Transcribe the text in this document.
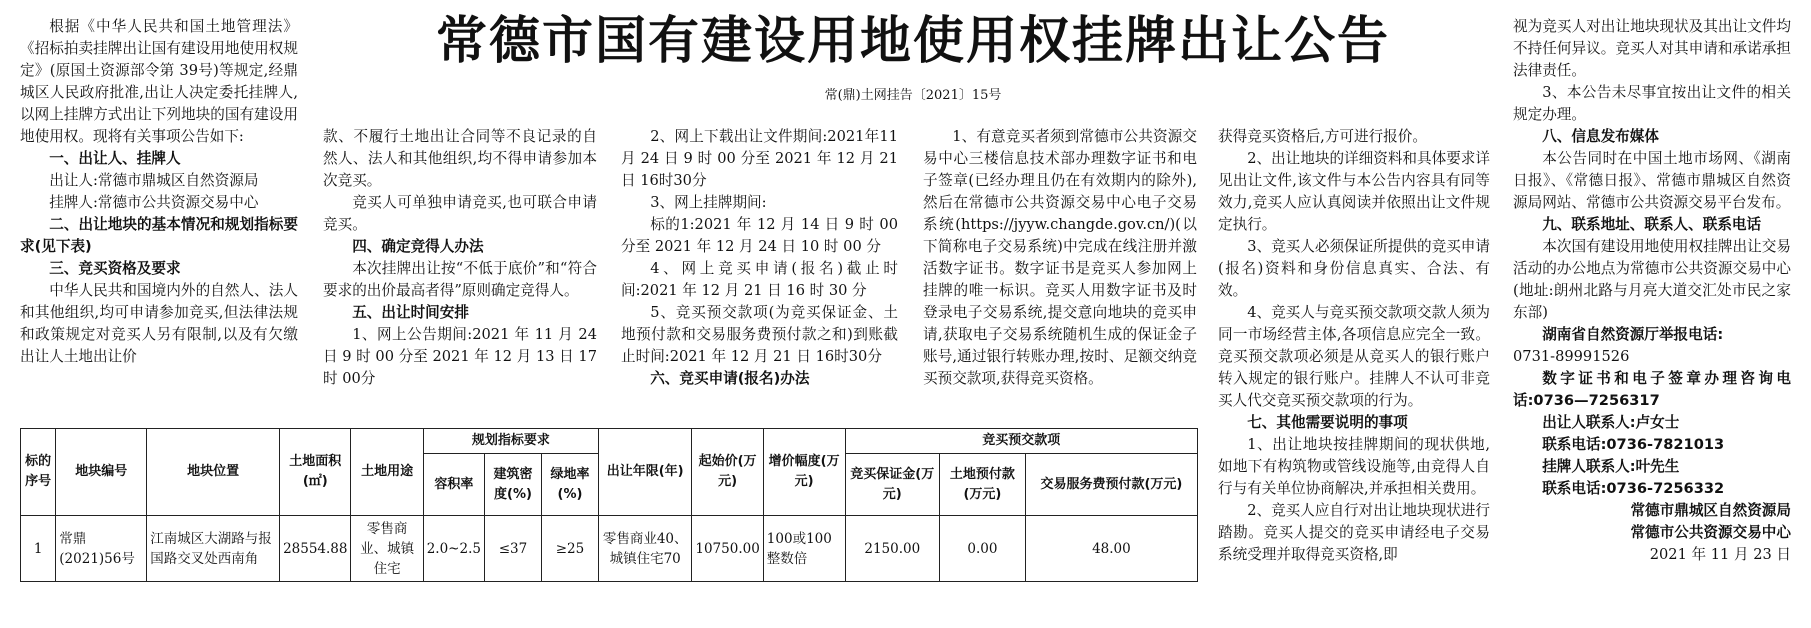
根据《中华人民共和国土地管理法》《招标拍卖挂牌出让国有建设用地使用权规定》(原国土资源部令第 39号)等规定,经鼎城区人民政府批准,出让人决定委托挂牌人,以网上挂牌方式出让下列地块的国有建设用地使用权。现将有关事项公告如下:

一、出让人、挂牌人

出让人:常德市鼎城区自然资源局

挂牌人:常德市公共资源交易中心

二、出让地块的基本情况和规划指标要求(见下表)

三、竞买资格及要求

中华人民共和国境内外的自然人、法人和其他组织,均可申请参加竞买,但法律法规和政策规定对竞买人另有限制,以及有欠缴出让人土地出让价

常德市国有建设用地使用权挂牌出让公告
常(鼎)土网挂告〔2021〕15号

款、不履行土地出让合同等不良记录的自然人、法人和其他组织,均不得申请参加本次竞买。

竞买人可单独申请竞买,也可联合申请竞买。

四、确定竞得人办法

本次挂牌出让按“不低于底价”和“符合要求的出价最高者得”原则确定竞得人。

五、出让时间安排

1、网上公告期间:2021 年 11 月 24日 9 时 00 分至 2021 年 12 月 13 日 17 时 00分

2、网上下载出让文件期间:2021年11 月 24 日 9 时 00 分至 2021 年 12 月 21日 16时30分

3、网上挂牌期间:

标的1:2021 年 12 月 14 日 9 时 00 分至 2021 年 12 月 24 日 10 时 00 分

4、网上竞买申请(报名)截止时间:2021 年 12 月 21 日 16 时 30 分

5、竞买预交款项(为竞买保证金、土地预付款和交易服务费预付款之和)到账截止时间:2021 年 12 月 21 日 16时30分

六、竞买申请(报名)办法

1、有意竞买者须到常德市公共资源交易中心三楼信息技术部办理数字证书和电子签章(已经办理且仍在有效期内的除外),然后在常德市公共资源交易中心电子交易系统(https://jyyw.changde.gov.cn/)(以下简称电子交易系统)中完成在线注册并激活数字证书。数字证书是竞买人参加网上挂牌的唯一标识。竞买人用数字证书及时登录电子交易系统,提交意向地块的竞买申请,获取电子交易系统随机生成的保证金子账号,通过银行转账办理,按时、足额交纳竞买预交款项,获得竞买资格。

获得竞买资格后,方可进行报价。

2、出让地块的详细资料和具体要求详见出让文件,该文件与本公告内容具有同等效力,竞买人应认真阅读并依照出让文件规定执行。

3、竞买人必须保证所提供的竞买申请(报名)资料和身份信息真实、合法、有效。

4、竞买人与竞买预交款项交款人须为同一市场经营主体,各项信息应完全一致。竞买预交款项必须是从竞买人的银行账户转入规定的银行账户。挂牌人不认可非竞买人代交竞买预交款项的行为。

七、其他需要说明的事项

1、出让地块按挂牌期间的现状供地,如地下有构筑物或管线设施等,由竞得人自行与有关单位协商解决,并承担相关费用。

2、竞买人应自行对出让地块现状进行踏勘。竞买人提交的竞买申请经电子交易系统受理并取得竞买资格,即

视为竞买人对出让地块现状及其出让文件均不持任何异议。竞买人对其申请和承诺承担法律责任。

3、本公告未尽事宜按出让文件的相关规定办理。

八、信息发布媒体

本公告同时在中国土地市场网、《湖南日报》、《常德日报》、常德市鼎城区自然资源局网站、常德市公共资源交易平台发布。

九、联系地址、联系人、联系电话

本次国有建设用地使用权挂牌出让交易活动的办公地点为常德市公共资源交易中心(地址:朗州北路与月亮大道交汇处市民之家东部)

湖南省自然资源厅举报电话:

0731-89991526

数字证书和电子签章办理咨询电话:0736—7256317

出让人联系人:卢女士

联系电话:0736-7821013

挂牌人联系人:叶先生

联系电话:0736-7256332

常德市鼎城区自然资源局

常德市公共资源交易中心

2021 年 11 月 23 日

标的序号	地块编号	地块位置	土地面积(㎡)	土地用途	规划指标要求			出让年限(年)	起始价(万元)	增价幅度(万元)	竞买预交款项		
					容积率	建筑密度(%)	绿地率(%)				竞买保证金(万元)	土地预付款(万元)	交易服务费预付款(万元)
1	常鼎(2021)56号	江南城区大湖路与报国路交叉处西南角	28554.88	零售商业、城镇住宅	2.0~2.5	≤37	≥25	零售商业40、城镇住宅70	10750.00	100或100整数倍	2150.00	0.00	48.00
